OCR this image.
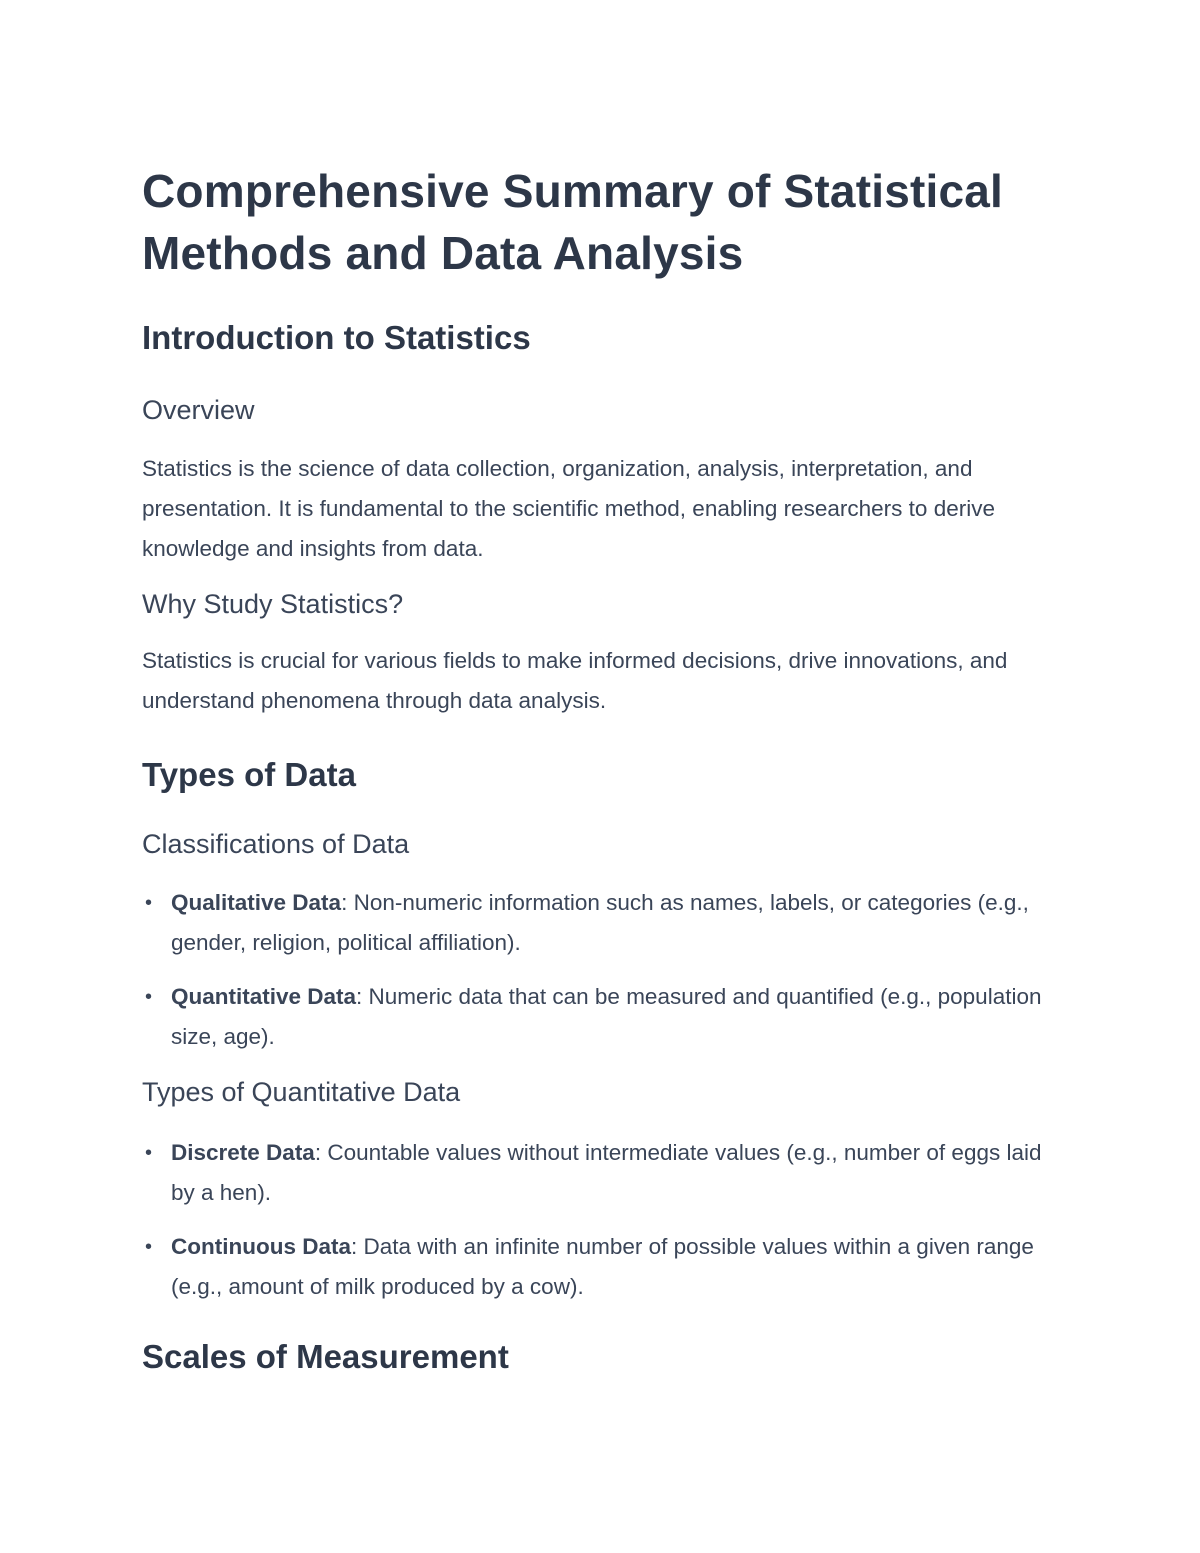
Comprehensive Summary of Statistical Methods and Data Analysis
Introduction to Statistics
Overview

Statistics is the science of data collection, organization, analysis, interpretation, and presentation. It is fundamental to the scientific method, enabling researchers to derive knowledge and insights from data.

Why Study Statistics?

Statistics is crucial for various fields to make informed decisions, drive innovations, and understand phenomena through data analysis.

Types of Data
Classifications of Data
• Qualitative Data: Non-numeric information such as names, labels, or categories (e.g., gender, religion, political affiliation).
• Quantitative Data: Numeric data that can be measured and quantified (e.g., population size, age).
Types of Quantitative Data
• Discrete Data: Countable values without intermediate values (e.g., number of eggs laid by a hen).
• Continuous Data: Data with an infinite number of possible values within a given range (e.g., amount of milk produced by a cow).
Scales of Measurement
